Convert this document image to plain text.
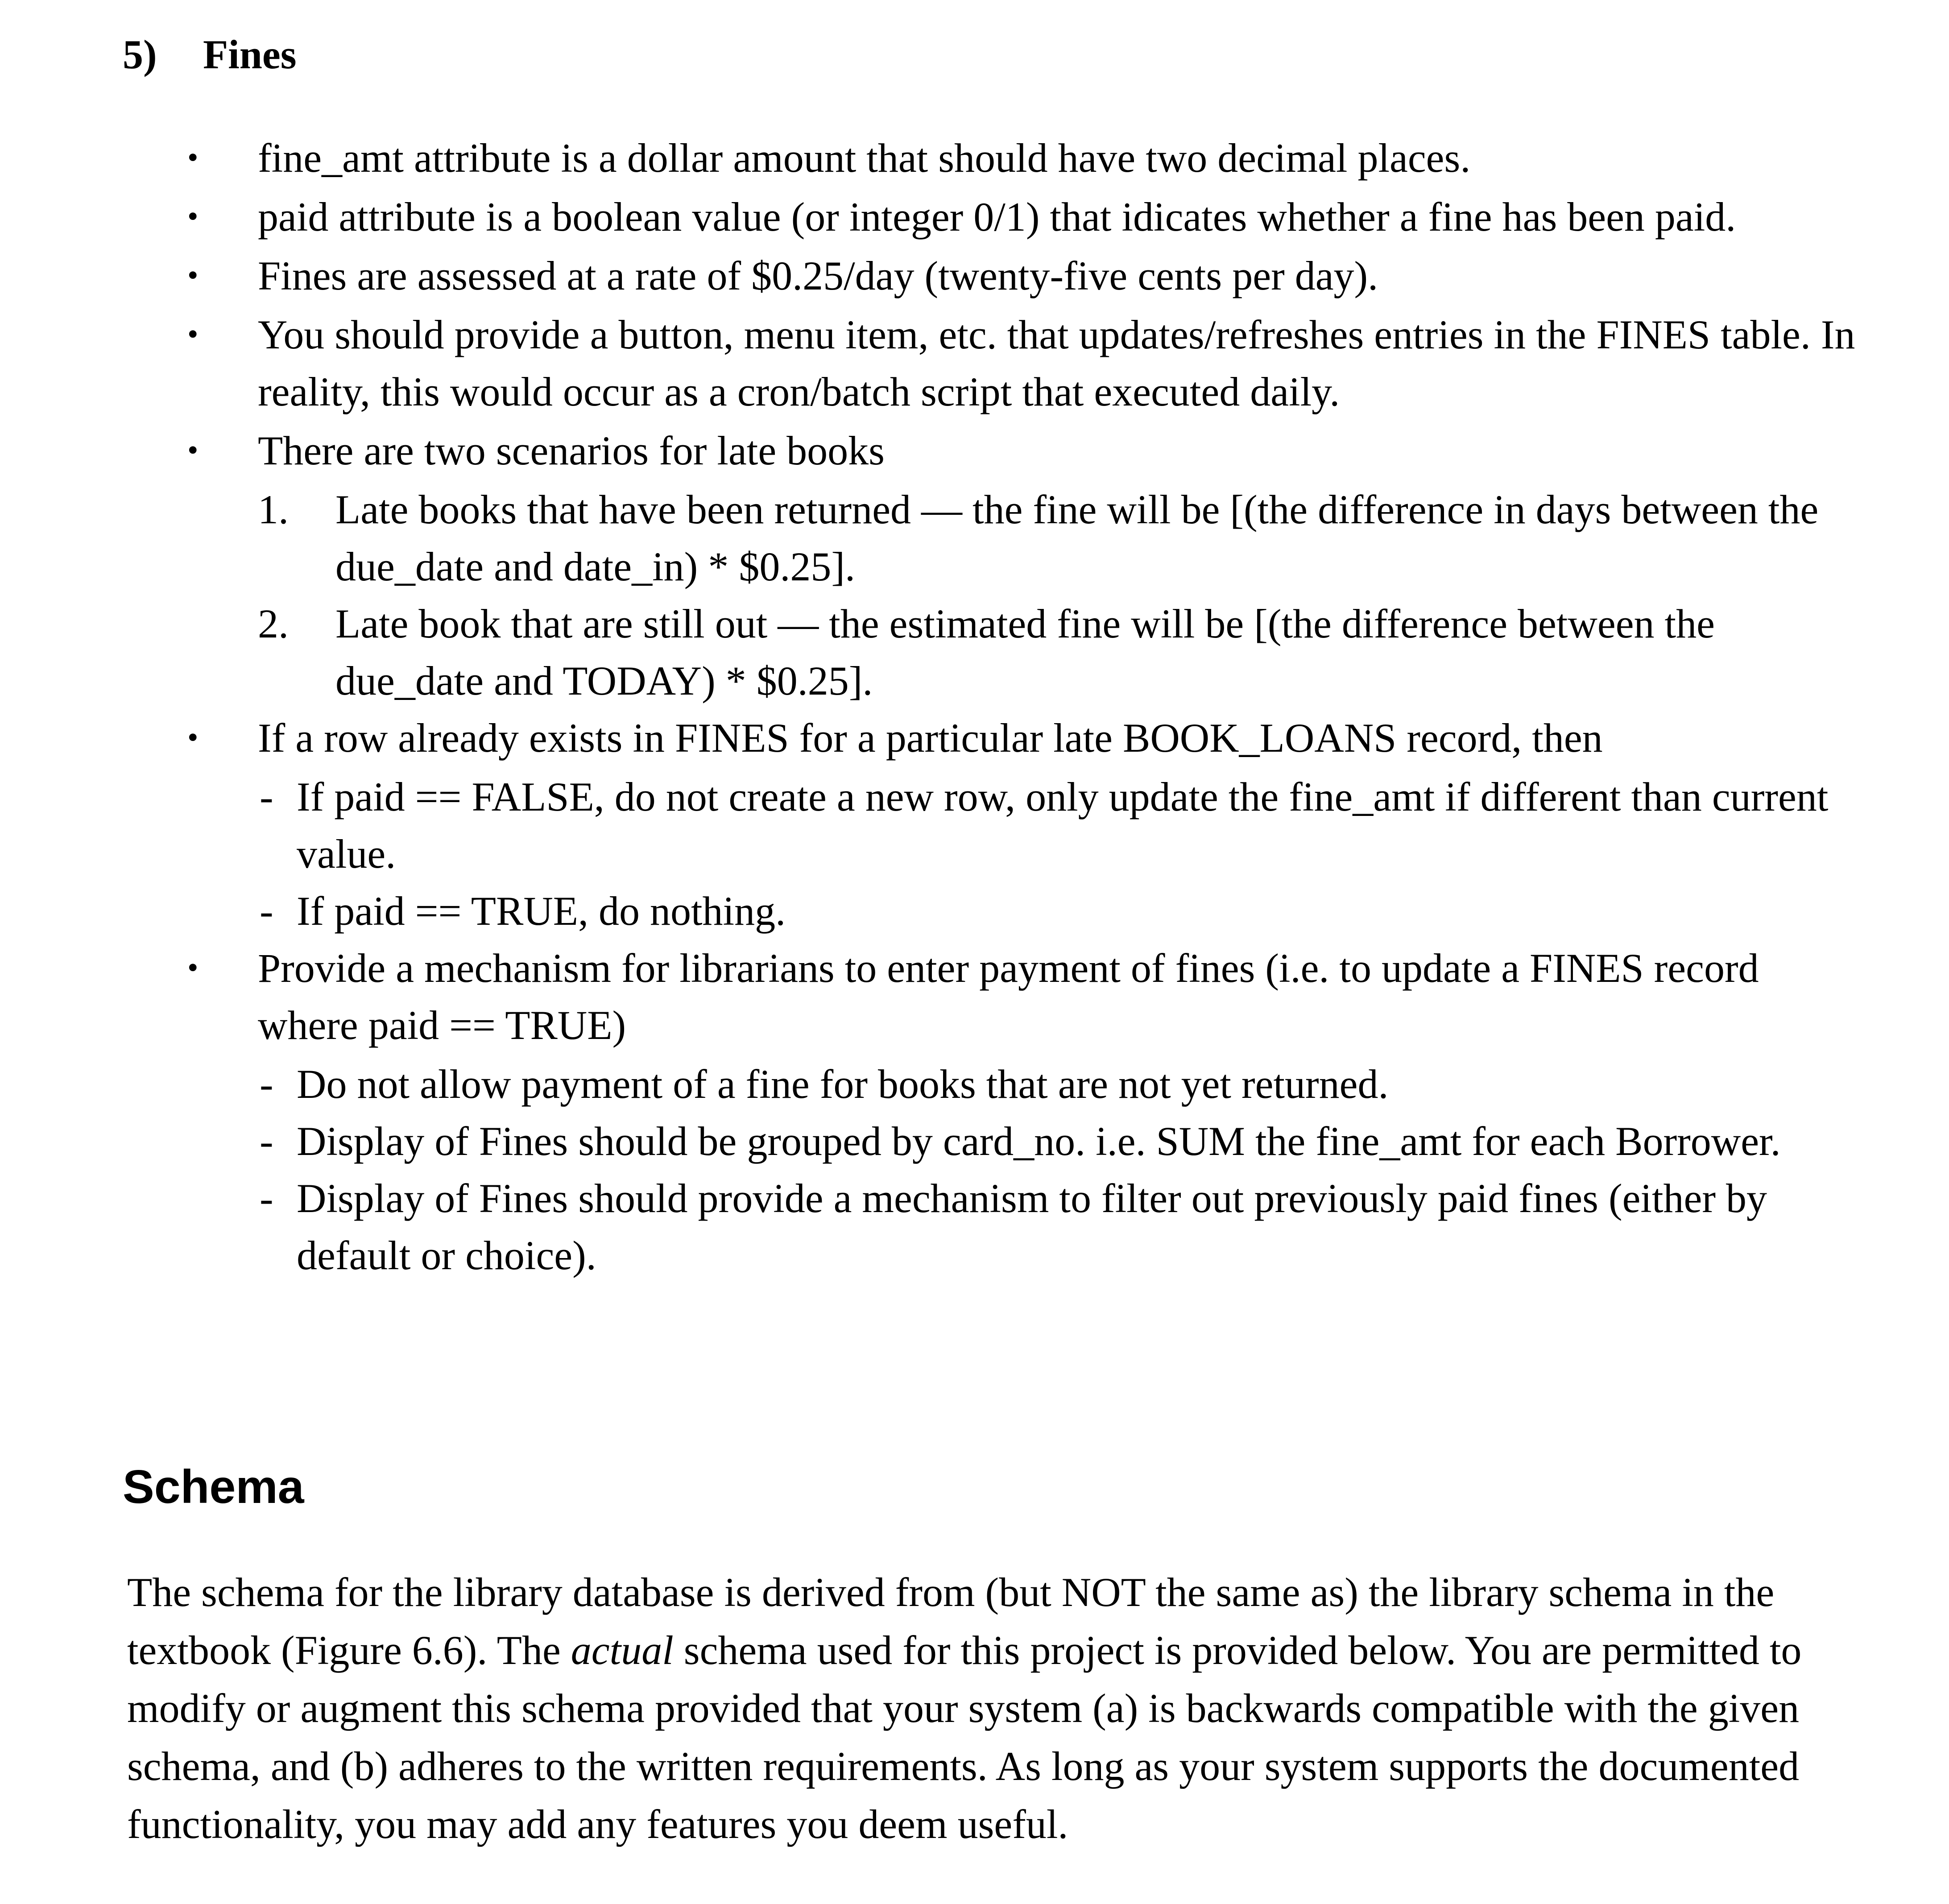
5) Fines
• fine_amt attribute is a dollar amount that should have two decimal places.
• paid attribute is a boolean value (or integer 0/1) that idicates whether a fine has been paid.
• Fines are assessed at a rate of $0.25/day (twenty-five cents per day).
• You should provide a button, menu item, etc. that updates/refreshes entries in the FINES table. In reality, this would occur as a cron/batch script that executed daily.
• There are two scenarios for late books
1. Late books that have been returned — the fine will be [(the difference in days between the due_date and date_in) * $0.25].
2. Late book that are still out — the estimated fine will be [(the difference between the due_date and TODAY) * $0.25].
• If a row already exists in FINES for a particular late BOOK_LOANS record, then
- If paid == FALSE, do not create a new row, only update the fine_amt if different than current value.
- If paid == TRUE, do nothing.
• Provide a mechanism for librarians to enter payment of fines (i.e. to update a FINES record where paid == TRUE)
- Do not allow payment of a fine for books that are not yet returned.
- Display of Fines should be grouped by card_no. i.e. SUM the fine_amt for each Borrower.
- Display of Fines should provide a mechanism to filter out previously paid fines (either by default or choice).
Schema

The schema for the library database is derived from (but NOT the same as) the library schema in the textbook (Figure 6.6). The actual schema used for this project is provided below. You are permitted to modify or augment this schema provided that your system (a) is backwards compatible with the given schema, and (b) adheres to the written requirements. As long as your system supports the documented functionality, you may add any features you deem useful.
